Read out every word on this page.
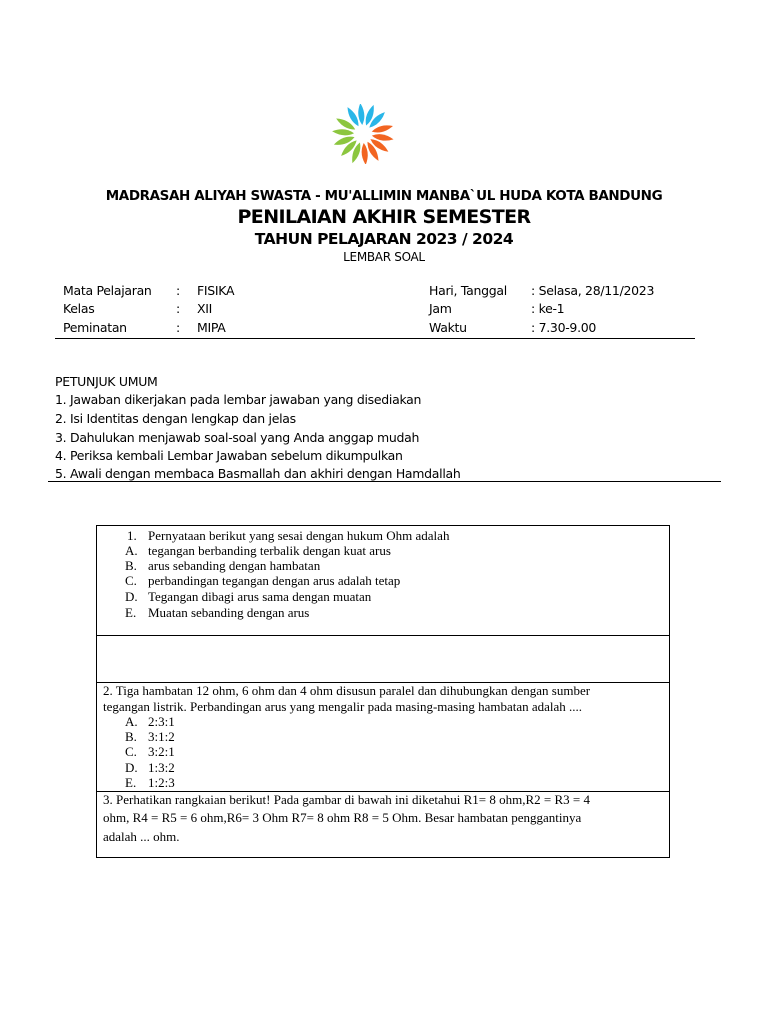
MADRASAH ALIYAH SWASTA - MU'ALLIMIN MANBA`UL HUDA KOTA BANDUNG
PENILAIAN AKHIR SEMESTER
TAHUN PELAJARAN 2023 / 2024
LEMBAR SOAL
Mata Pelajaran : FISIKA
Kelas	: XII
Peminatan	: MIPA
Hari, Tanggal : Selasa, 28/11/2023
Jam	: ke-1
Waktu	: 7.30-9.00
PETUNJUK UMUM
1. Jawaban dikerjakan pada lembar jawaban yang disediakan
2. Isi Identitas dengan lengkap dan jelas
3. Dahulukan menjawab soal-soal yang Anda anggap mudah
4. Periksa kembali Lembar Jawaban sebelum dikumpulkan
5. Awali dengan membaca Basmallah dan akhiri dengan Hamdallah
1. Pernyataan berikut yang sesai dengan hukum Ohm adalah
A. tegangan berbanding terbalik dengan kuat arus
B. arus sebanding dengan hambatan
C. perbandingan tegangan dengan arus adalah tetap
D. Tegangan dibagi arus sama dengan muatan
E. Muatan sebanding dengan arus
2. Tiga hambatan 12 ohm, 6 ohm dan 4 ohm disusun paralel dan dihubungkan dengan sumber
tegangan listrik. Perbandingan arus yang mengalir pada masing-masing hambatan adalah ....
A. 2:3:1
B. 3:1:2
C. 3:2:1
D. 1:3:2
E. 1:2:3
3. Perhatikan rangkaian berikut! Pada gambar di bawah ini diketahui R1= 8 ohm,R2 = R3 = 4
ohm, R4 = R5 = 6 ohm,R6= 3 Ohm R7= 8 ohm R8 = 5 Ohm. Besar hambatan penggantinya
adalah ... ohm.
